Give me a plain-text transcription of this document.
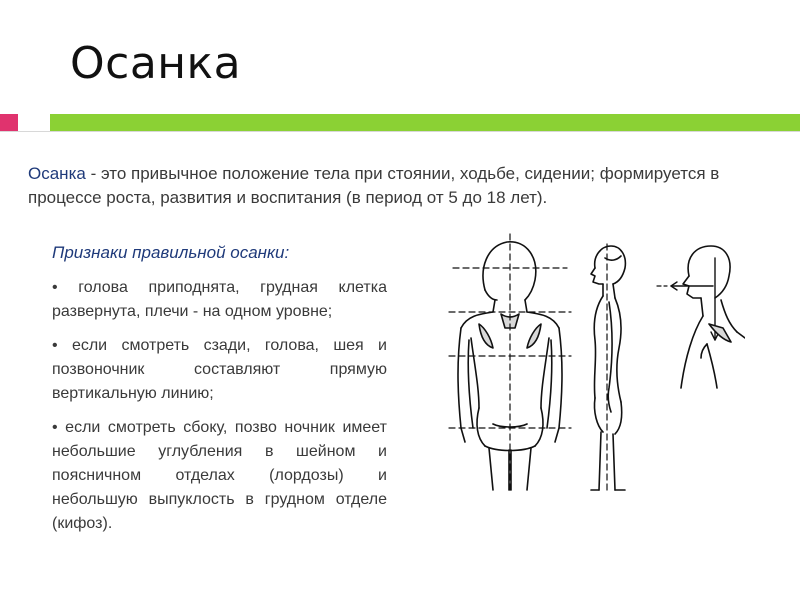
Осанка
Осанка - это привычное положение тела при стоянии, ходьбе, сидении; формируется в процессе роста, развития и воспитания (в период от 5 до 18 лет).
Признаки правильной осанки:

• голова приподнята, грудная клетка развернута, плечи - на одном уровне;

• если смотреть сзади, голова, шея и позвоночник составляют прямую вертикальную линию;

• если смотреть сбоку, позво ночник имеет небольшие углубления в шейном и поясничном отделах (лордозы) и небольшую выпуклость в грудном отделе (кифоз).
